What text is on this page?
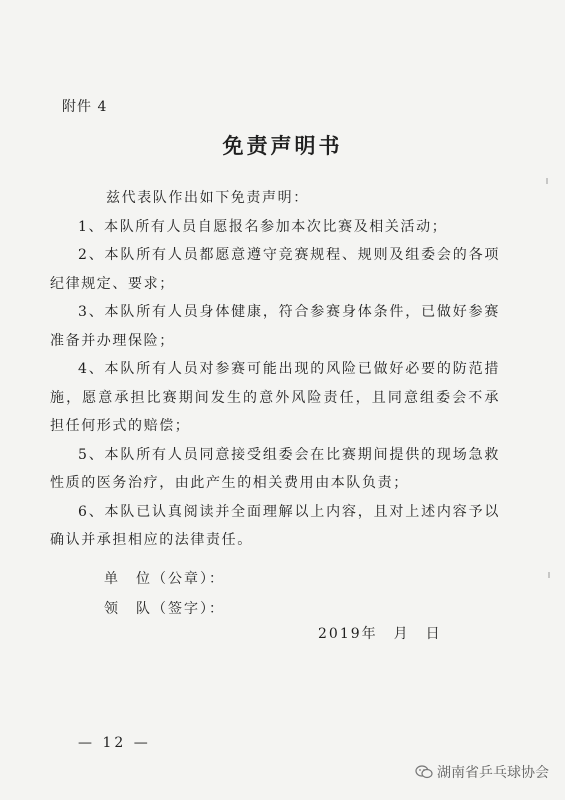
附件 4
免责声明书

兹代表队作出如下免责声明：

1、本队所有人员自愿报名参加本次比赛及相关活动；

2、本队所有人员都愿意遵守竞赛规程、规则及组委会的各项纪律规定、要求；

3、本队所有人员身体健康，符合参赛身体条件，已做好参赛准备并办理保险；

4、本队所有人员对参赛可能出现的风险已做好必要的防范措施，愿意承担比赛期间发生的意外风险责任，且同意组委会不承担任何形式的赔偿；

5、本队所有人员同意接受组委会在比赛期间提供的现场急救性质的医务治疗，由此产生的相关费用由本队负责；

6、本队已认真阅读并全面理解以上内容，且对上述内容予以确认并承担相应的法律责任。

单　位（公章）：
领　队（签字）：
2019年　月　日
— 12 —
湖南省乒乓球协会
